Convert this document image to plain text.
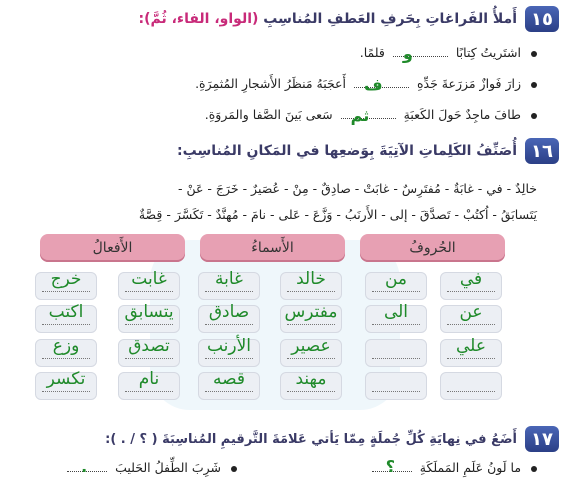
١٥
أَملأُ الفَراغاتِ بِحَرفِ العَطفِ المُناسِبِ (الواو، الفاء، ثُمَّ):
اشتَريتُ كِتابًا
و
قلمًا.
زارَ فَوازٌ مَزرَعةَ جَدِّهِ
ف
أَعجَبَهُ مَنظَرُ الأَشجارِ المُثمِرَةِ.
طافَ ماجِدٌ حَولَ الكَعبَةِ
ثم
سَعى بَينَ الصَّفا والمَروَةِ.
١٦
أُصَنِّفُ الكَلِماتِ الآتِيَةَ بِوَضعِها في المَكانِ المُناسِبِ:
خالِدٌ - في - غابَةٌ - مُفتَرِسٌ - غابَتْ - صادِقٌ - مِنْ - عُصَيرٌ - خَرَجَ - عَنْ -
يَتَسابَقُ - اُكتُبْ - تَصدَّقَ - إلى - الأَرنَبُ - وَزَّعَ - عَلى - نامَ - مُهنَّدٌ - تَكَسَّرَ - قِصَّةٌ
الحُروفُ
الأَسماءُ
الأَفعالُ
في
من
عن
الى
علي
خالد
غابة
مفترس
صادق
عصير
الأرنب
مهند
قصه
غابت
خرج
يتسابق
اكتب
تصدق
وزع
نام
تكسر
١٧
أَضَعُ في نِهايَةِ كُلِّ جُملَةٍ مِمّا يَأتي عَلامَةَ التَّرقيمِ المُناسِبَةَ ( ؟ / . ):
ما لَونُ عَلَمِ المَملَكَةِ
؟
شَرِبَ الطِّفلُ الحَليبَ
.
